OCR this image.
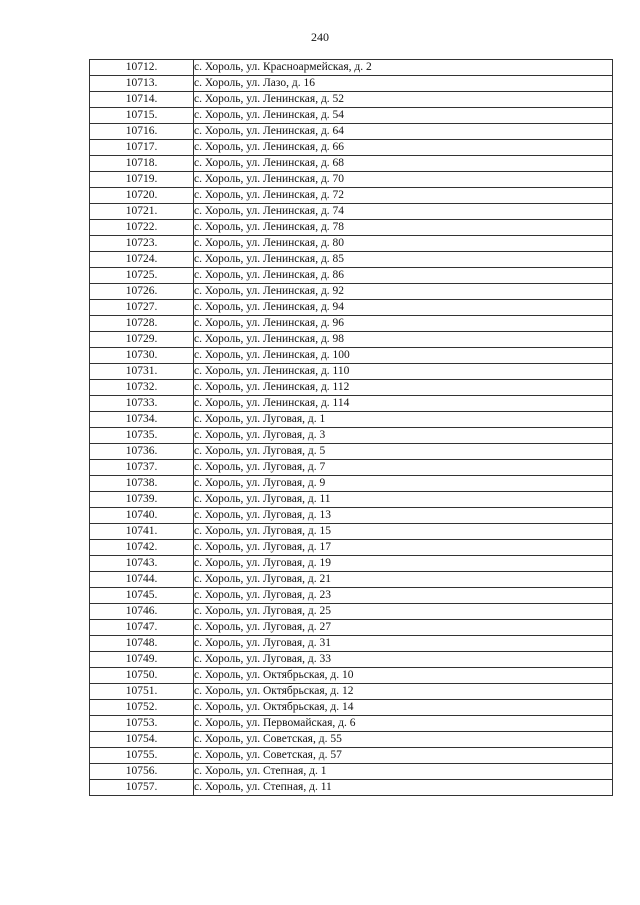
240
10712.	с. Хороль, ул. Красноармейская, д. 2
10713.	с. Хороль, ул. Лазо, д. 16
10714.	с. Хороль, ул. Ленинская, д. 52
10715.	с. Хороль, ул. Ленинская, д. 54
10716.	с. Хороль, ул. Ленинская, д. 64
10717.	с. Хороль, ул. Ленинская, д. 66
10718.	с. Хороль, ул. Ленинская, д. 68
10719.	с. Хороль, ул. Ленинская, д. 70
10720.	с. Хороль, ул. Ленинская, д. 72
10721.	с. Хороль, ул. Ленинская, д. 74
10722.	с. Хороль, ул. Ленинская, д. 78
10723.	с. Хороль, ул. Ленинская, д. 80
10724.	с. Хороль, ул. Ленинская, д. 85
10725.	с. Хороль, ул. Ленинская, д. 86
10726.	с. Хороль, ул. Ленинская, д. 92
10727.	с. Хороль, ул. Ленинская, д. 94
10728.	с. Хороль, ул. Ленинская, д. 96
10729.	с. Хороль, ул. Ленинская, д. 98
10730.	с. Хороль, ул. Ленинская, д. 100
10731.	с. Хороль, ул. Ленинская, д. 110
10732.	с. Хороль, ул. Ленинская, д. 112
10733.	с. Хороль, ул. Ленинская, д. 114
10734.	с. Хороль, ул. Луговая, д. 1
10735.	с. Хороль, ул. Луговая, д. 3
10736.	с. Хороль, ул. Луговая, д. 5
10737.	с. Хороль, ул. Луговая, д. 7
10738.	с. Хороль, ул. Луговая, д. 9
10739.	с. Хороль, ул. Луговая, д. 11
10740.	с. Хороль, ул. Луговая, д. 13
10741.	с. Хороль, ул. Луговая, д. 15
10742.	с. Хороль, ул. Луговая, д. 17
10743.	с. Хороль, ул. Луговая, д. 19
10744.	с. Хороль, ул. Луговая, д. 21
10745.	с. Хороль, ул. Луговая, д. 23
10746.	с. Хороль, ул. Луговая, д. 25
10747.	с. Хороль, ул. Луговая, д. 27
10748.	с. Хороль, ул. Луговая, д. 31
10749.	с. Хороль, ул. Луговая, д. 33
10750.	с. Хороль, ул. Октябрьская, д. 10
10751.	с. Хороль, ул. Октябрьская, д. 12
10752.	с. Хороль, ул. Октябрьская, д. 14
10753.	с. Хороль, ул. Первомайская, д. 6
10754.	с. Хороль, ул. Советская, д. 55
10755.	с. Хороль, ул. Советская, д. 57
10756.	с. Хороль, ул. Степная, д. 1
10757.	с. Хороль, ул. Степная, д. 11
